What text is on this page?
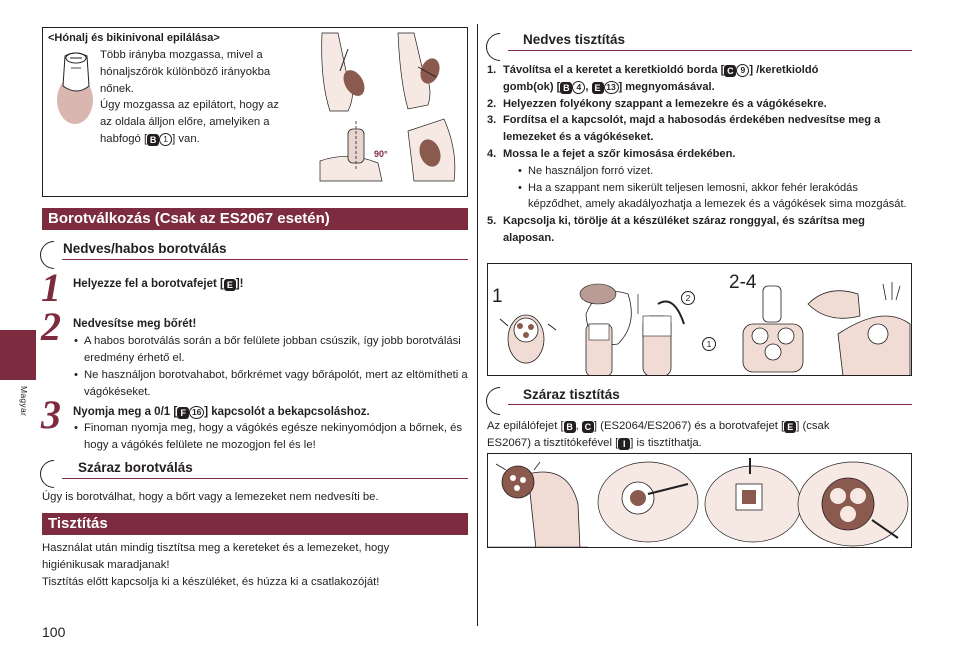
<Hónalj és bikinivonal epilálása>
Több irányba mozgassa, mivel a
hónaljszőrök különböző irányokba
nőnek.
Úgy mozgassa az epilátort, hogy az
az oldala álljon előre, amelyiken a
habfogó [ B 1 ] van.
90°
Borotválkozás (Csak az ES2067 esetén)
Nedves/habos borotválás
1 Helyezze fel a borotvafejet [ E ]!
2 Nedvesítse meg bőrét!
• A habos borotválás során a bőr felülete jobban csúszik, így jobb borotválási eredmény érhető el.
• Ne használjon borotvahabot, bőrkrémet vagy bőrápolót, mert az eltömítheti a vágókéseket.
3 Nyomja meg a 0/1 [ F 16 ] kapcsolót a bekapcsoláshoz.
• Finoman nyomja meg, hogy a vágókés egésze nekinyomódjon a bőrnek, és hogy a vágókés felülete ne mozogjon fel és le!
Száraz borotválás
Úgy is borotválhat, hogy a bőrt vagy a lemezeket nem nedvesíti be.
Tisztítás
Használat után mindig tisztítsa meg a kereteket és a lemezeket, hogy
higiénikusak maradjanak!
Tisztítás előtt kapcsolja ki a készüléket, és húzza ki a csatlakozóját!
100
Magyar
Nedves tisztítás
1. Távolítsa el a keretet a keretkioldó borda [ C 9 ] /keretkioldó
gomb(ok) [ B 4 , E 13 ] megnyomásával.
2. Helyezzen folyékony szappant a lemezekre és a vágókésekre.
3. Fordítsa el a kapcsolót, majd a habosodás érdekében nedvesítse meg a lemezeket és a vágókéseket.
4. Mossa le a fejet a szőr kimosása érdekében.
• Ne használjon forró vizet.
• Ha a szappant nem sikerült teljesen lemosni, akkor fehér lerakódás képződhet, amely akadályozhatja a lemezek és a vágókések sima mozgását.
5. Kapcsolja ki, törölje át a készüléket száraz ronggyal, és szárítsa meg alaposan.
1
2-4
2
1
Száraz tisztítás
Az epilálófejet [ B , C ] (ES2064/ES2067) és a borotvafejet [ E ] (csak
ES2067) a tisztítókefével [ I ] is tisztíthatja.
